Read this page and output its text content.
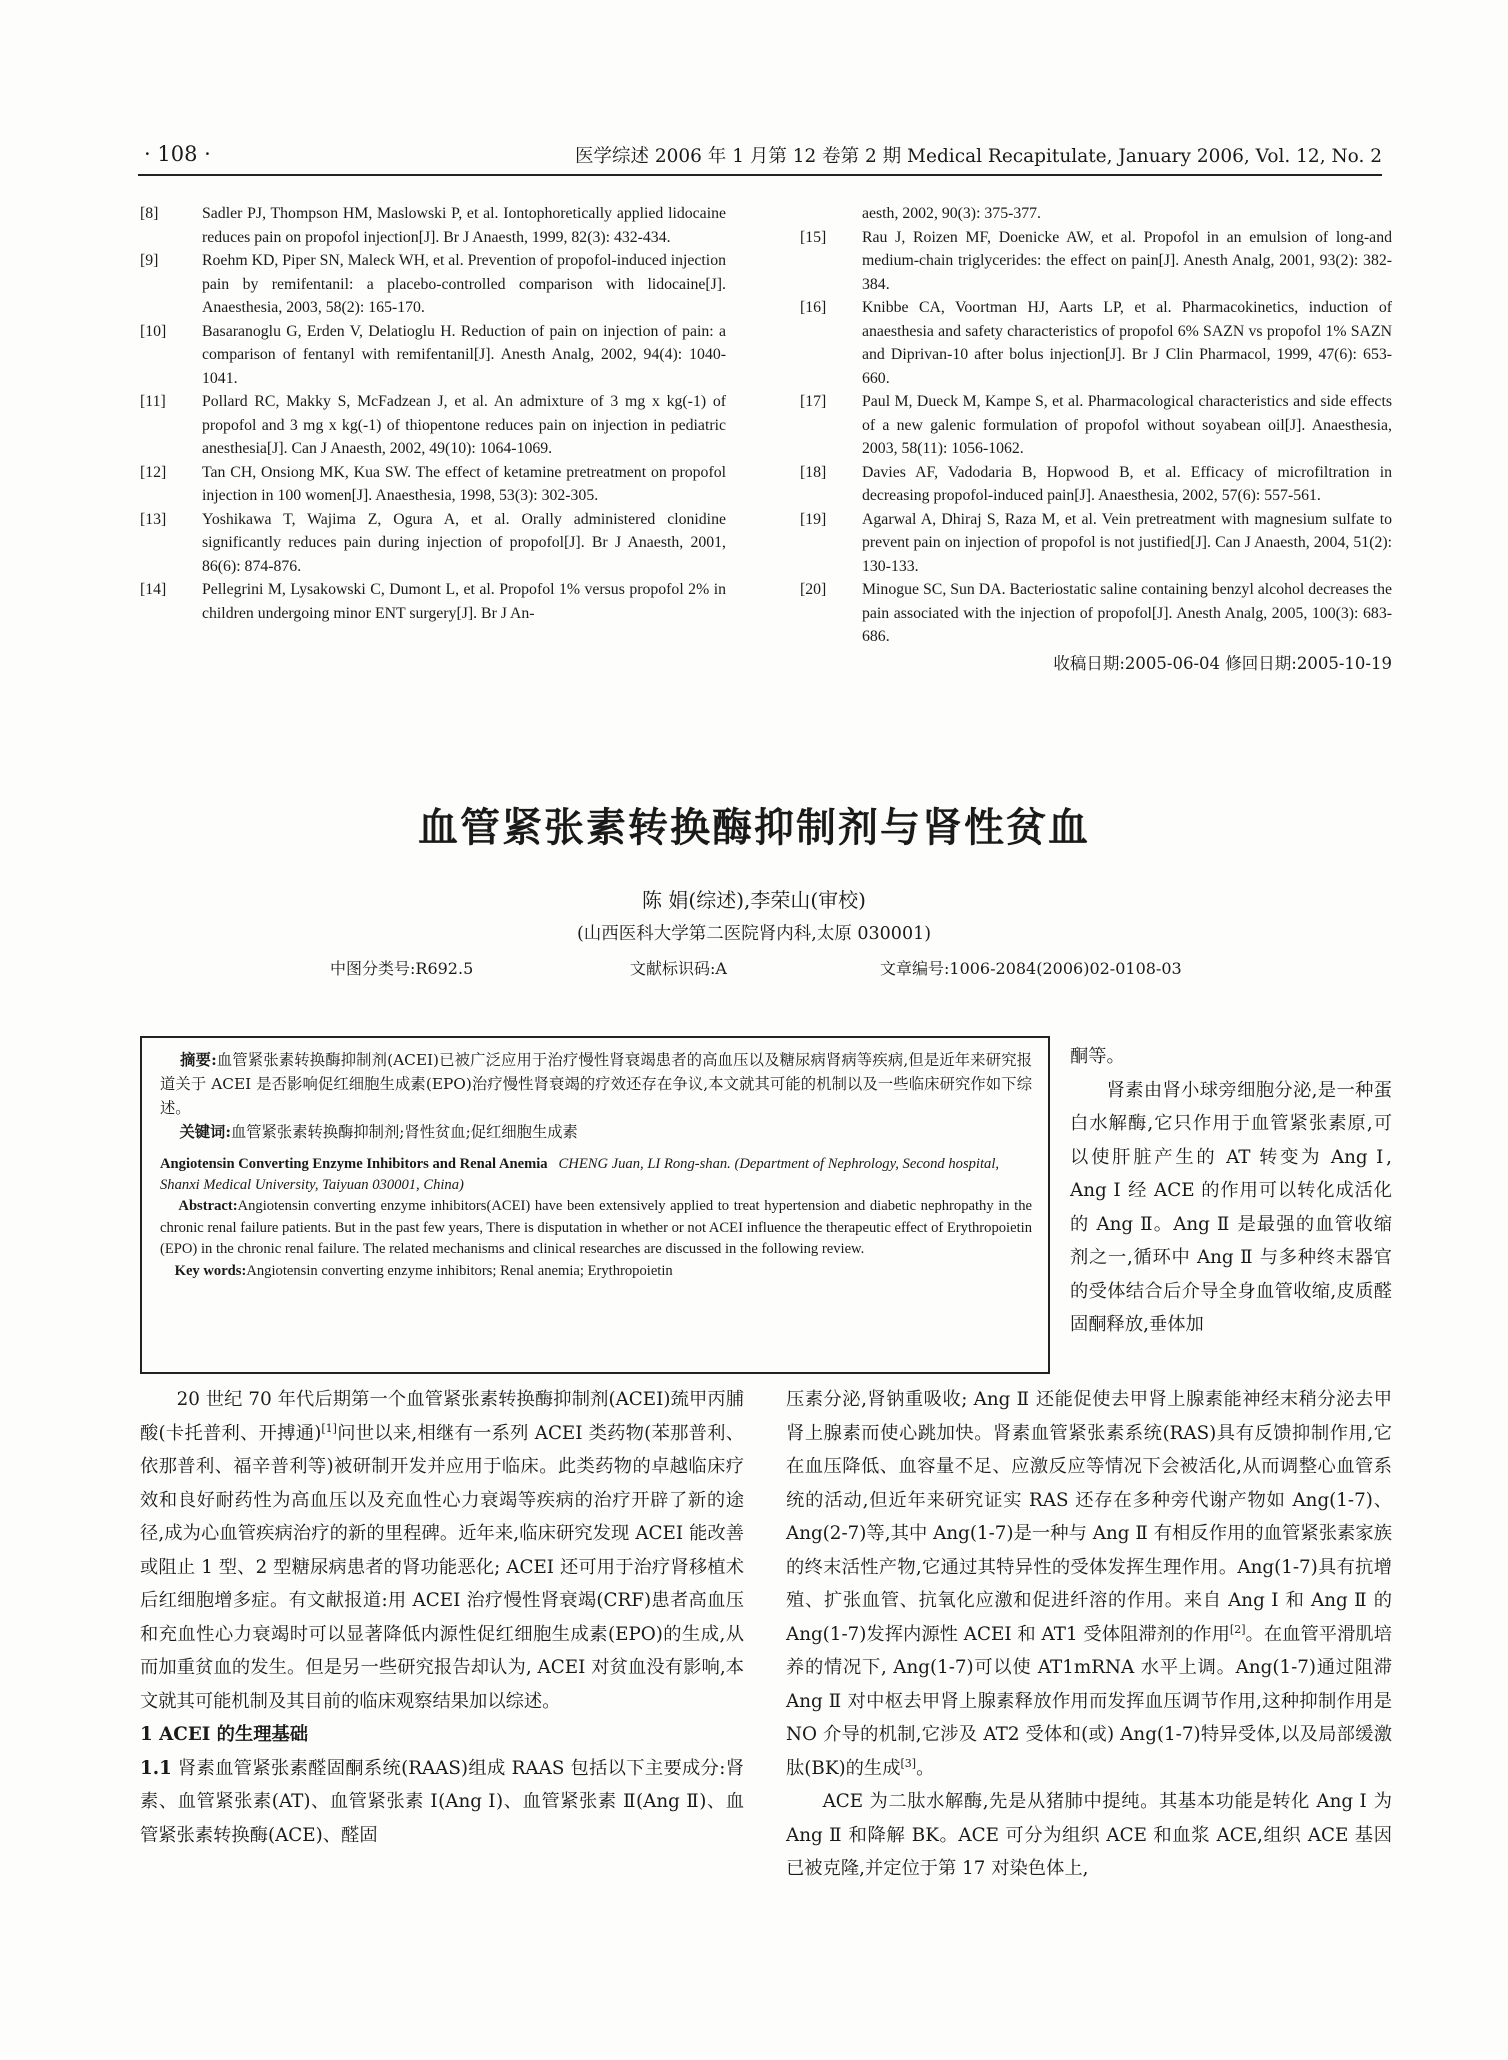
· 108 ·	医学综述 2006 年 1 月第 12 卷第 2 期 Medical Recapitulate, January 2006, Vol. 12, No. 2
[8]	Sadler PJ, Thompson HM, Maslowski P, et al. Iontophoretically applied lidocaine reduces pain on propofol injection[J]. Br J Anaesth, 1999, 82(3): 432-434.
[9]	Roehm KD, Piper SN, Maleck WH, et al. Prevention of propofol-induced injection pain by remifentanil: a placebo-controlled comparison with lidocaine[J]. Anaesthesia, 2003, 58(2): 165-170.
[10]	Basaranoglu G, Erden V, Delatioglu H. Reduction of pain on injection of pain: a comparison of fentanyl with remifentanil[J]. Anesth Analg, 2002, 94(4): 1040-1041.
[11]	Pollard RC, Makky S, McFadzean J, et al. An admixture of 3 mg x kg(-1) of propofol and 3 mg x kg(-1) of thiopentone reduces pain on injection in pediatric anesthesia[J]. Can J Anaesth, 2002, 49(10): 1064-1069.
[12]	Tan CH, Onsiong MK, Kua SW. The effect of ketamine pretreatment on propofol injection in 100 women[J]. Anaesthesia, 1998, 53(3): 302-305.
[13]	Yoshikawa T, Wajima Z, Ogura A, et al. Orally administered clonidine significantly reduces pain during injection of propofol[J]. Br J Anaesth, 2001, 86(6): 874-876.
[14]	Pellegrini M, Lysakowski C, Dumont L, et al. Propofol 1% versus propofol 2% in children undergoing minor ENT surgery[J]. Br J An-
aesth, 2002, 90(3): 375-377.
[15]	Rau J, Roizen MF, Doenicke AW, et al. Propofol in an emulsion of long-and medium-chain triglycerides: the effect on pain[J]. Anesth Analg, 2001, 93(2): 382-384.
[16]	Knibbe CA, Voortman HJ, Aarts LP, et al. Pharmacokinetics, induction of anaesthesia and safety characteristics of propofol 6% SAZN vs propofol 1% SAZN and Diprivan-10 after bolus injection[J]. Br J Clin Pharmacol, 1999, 47(6): 653-660.
[17]	Paul M, Dueck M, Kampe S, et al. Pharmacological characteristics and side effects of a new galenic formulation of propofol without soyabean oil[J]. Anaesthesia, 2003, 58(11): 1056-1062.
[18]	Davies AF, Vadodaria B, Hopwood B, et al. Efficacy of microfiltration in decreasing propofol-induced pain[J]. Anaesthesia, 2002, 57(6): 557-561.
[19]	Agarwal A, Dhiraj S, Raza M, et al. Vein pretreatment with magnesium sulfate to prevent pain on injection of propofol is not justified[J]. Can J Anaesth, 2004, 51(2): 130-133.
[20]	Minogue SC, Sun DA. Bacteriostatic saline containing benzyl alcohol decreases the pain associated with the injection of propofol[J]. Anesth Analg, 2005, 100(3): 683-686.
收稿日期:2005-06-04 修回日期:2005-10-19
血管紧张素转换酶抑制剂与肾性贫血
陈 娟(综述),李荣山(审校)
(山西医科大学第二医院肾内科,太原 030001)
中图分类号:R692.5	文献标识码:A	文章编号:1006-2084(2006)02-0108-03
摘要:血管紧张素转换酶抑制剂(ACEI)已被广泛应用于治疗慢性肾衰竭患者的高血压以及糖尿病肾病等疾病,但是近年来研究报道关于 ACEI 是否影响促红细胞生成素(EPO)治疗慢性肾衰竭的疗效还存在争议,本文就其可能的机制以及一些临床研究作如下综述。
关键词:血管紧张素转换酶抑制剂;肾性贫血;促红细胞生成素
Angiotensin Converting Enzyme Inhibitors and Renal Anemia CHENG Juan, LI Rong-shan. (Department of Nephrology, Second hospital, Shanxi Medical University, Taiyuan 030001, China)
Abstract:Angiotensin converting enzyme inhibitors(ACEI) have been extensively applied to treat hypertension and diabetic nephropathy in the chronic renal failure patients. But in the past few years, There is disputation in whether or not ACEI influence the therapeutic effect of Erythropoietin (EPO) in the chronic renal failure. The related mechanisms and clinical researches are discussed in the following review.
Key words:Angiotensin converting enzyme inhibitors; Renal anemia; Erythropoietin

酮等。

肾素由肾小球旁细胞分泌,是一种蛋白水解酶,它只作用于血管紧张素原,可以使肝脏产生的 AT 转变为 Ang Ⅰ, Ang Ⅰ 经 ACE 的作用可以转化成活化的 Ang Ⅱ。Ang Ⅱ 是最强的血管收缩剂之一,循环中 Ang Ⅱ 与多种终末器官的受体结合后介导全身血管收缩,皮质醛固酮释放,垂体加

20 世纪 70 年代后期第一个血管紧张素转换酶抑制剂(ACEI)巯甲丙脯酸(卡托普利、开搏通)[1]问世以来,相继有一系列 ACEI 类药物(苯那普利、依那普利、福辛普利等)被研制开发并应用于临床。此类药物的卓越临床疗效和良好耐药性为高血压以及充血性心力衰竭等疾病的治疗开辟了新的途径,成为心血管疾病治疗的新的里程碑。近年来,临床研究发现 ACEI 能改善或阻止 1 型、2 型糖尿病患者的肾功能恶化; ACEI 还可用于治疗肾移植术后红细胞增多症。有文献报道:用 ACEI 治疗慢性肾衰竭(CRF)患者高血压和充血性心力衰竭时可以显著降低内源性促红细胞生成素(EPO)的生成,从而加重贫血的发生。但是另一些研究报告却认为, ACEI 对贫血没有影响,本文就其可能机制及其目前的临床观察结果加以综述。

1 ACEI 的生理基础

1.1 肾素血管紧张素醛固酮系统(RAAS)组成 RAAS 包括以下主要成分:肾素、血管紧张素(AT)、血管紧张素 Ⅰ(Ang Ⅰ)、血管紧张素 Ⅱ(Ang Ⅱ)、血管紧张素转换酶(ACE)、醛固

压素分泌,肾钠重吸收; Ang Ⅱ 还能促使去甲肾上腺素能神经末稍分泌去甲肾上腺素而使心跳加快。肾素血管紧张素系统(RAS)具有反馈抑制作用,它在血压降低、血容量不足、应激反应等情况下会被活化,从而调整心血管系统的活动,但近年来研究证实 RAS 还存在多种旁代谢产物如 Ang(1-7)、Ang(2-7)等,其中 Ang(1-7)是一种与 Ang Ⅱ 有相反作用的血管紧张素家族的终末活性产物,它通过其特异性的受体发挥生理作用。Ang(1-7)具有抗增殖、扩张血管、抗氧化应激和促进纤溶的作用。来自 Ang Ⅰ 和 Ang Ⅱ 的 Ang(1-7)发挥内源性 ACEI 和 AT1 受体阻滞剂的作用[2]。在血管平滑肌培养的情况下, Ang(1-7)可以使 AT1mRNA 水平上调。Ang(1-7)通过阻滞 Ang Ⅱ 对中枢去甲肾上腺素释放作用而发挥血压调节作用,这种抑制作用是 NO 介导的机制,它涉及 AT2 受体和(或) Ang(1-7)特异受体,以及局部缓激肽(BK)的生成[3]。

ACE 为二肽水解酶,先是从猪肺中提纯。其基本功能是转化 Ang Ⅰ 为 Ang Ⅱ 和降解 BK。ACE 可分为组织 ACE 和血浆 ACE,组织 ACE 基因已被克隆,并定位于第 17 对染色体上,
